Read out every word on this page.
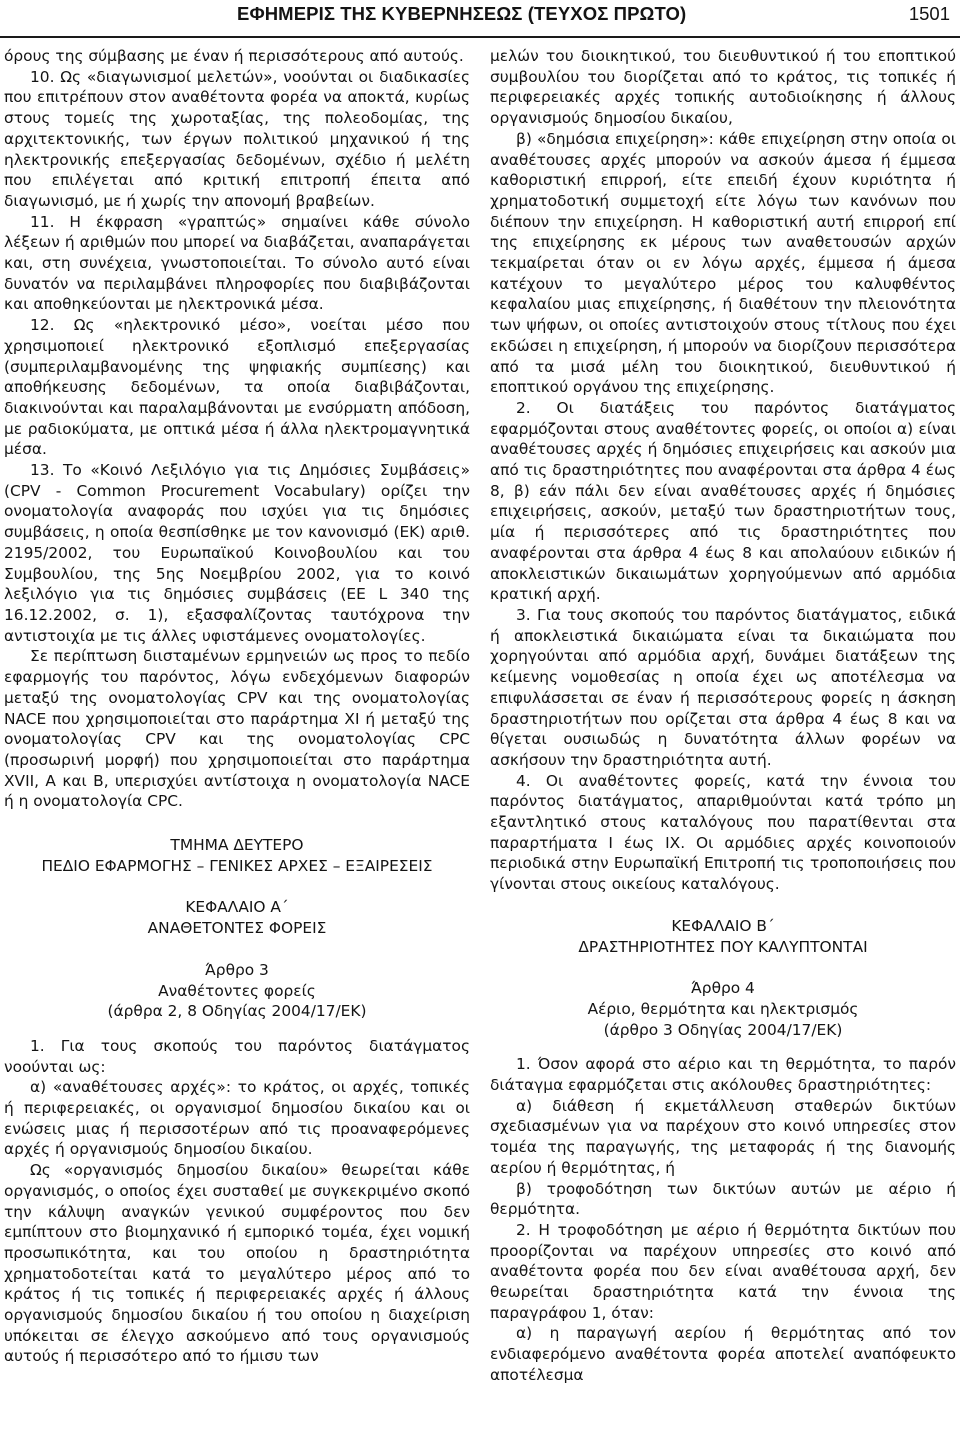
ΕΦΗΜΕΡΙΣ ΤΗΣ ΚΥΒΕΡΝΗΣΕΩΣ (ΤΕΥΧΟΣ ΠΡΩΤΟ)	1501

όρους της σύμβασης με έναν ή περισσότερους από αυτούς.

10. Ως «διαγωνισμοί μελετών», νοούνται οι διαδικασίες που επιτρέπουν στον αναθέτοντα φορέα να αποκτά, κυρίως στους τομείς της χωροταξίας, της πολεοδομίας, της αρχιτεκτονικής, των έργων πολιτικού μηχανικού ή της ηλεκτρονικής επεξεργασίας δεδομένων, σχέδιο ή μελέτη που επιλέγεται από κριτική επιτροπή έπειτα από διαγωνισμό, με ή χωρίς την απονομή βραβείων.

11. Η έκφραση «γραπτώς» σημαίνει κάθε σύνολο λέξεων ή αριθμών που μπορεί να διαβάζεται, αναπαράγεται και, στη συνέχεια, γνωστοποιείται. Το σύνολο αυτό είναι δυνατόν να περιλαμβάνει πληροφορίες που διαβιβάζονται και αποθηκεύονται με ηλεκτρονικά μέσα.

12. Ως «ηλεκτρονικό μέσο», νοείται μέσο που χρησιμοποιεί ηλεκτρονικό εξοπλισμό επεξεργασίας (συμπεριλαμβανομένης της ψηφιακής συμπίεσης) και αποθήκευσης δεδομένων, τα οποία διαβιβάζονται, διακινούνται και παραλαμβάνονται με ενσύρματη απόδοση, με ραδιοκύματα, με οπτικά μέσα ή άλλα ηλεκτρομαγνητικά μέσα.

13. Το «Κοινό Λεξιλόγιο για τις Δημόσιες Συμβάσεις» (CPV - Common Procurement Vocabulary) ορίζει την ονοματολογία αναφοράς που ισχύει για τις δημόσιες συμβάσεις, η οποία θεσπίσθηκε με τον κανονισμό (ΕΚ) αριθ. 2195/2002, του Ευρωπαϊκού Κοινοβουλίου και του Συμβουλίου, της 5ης Νοεμβρίου 2002, για το κοινό λεξιλόγιο για τις δημόσιες συμβάσεις (ΕΕ L 340 της 16.12.2002, σ. 1), εξασφαλίζοντας ταυτόχρονα την αντιστοιχία με τις άλλες υφιστάμενες ονοματολογίες.

Σε περίπτωση διισταμένων ερμηνειών ως προς το πεδίο εφαρμογής του παρόντος, λόγω ενδεχόμενων διαφορών μεταξύ της ονοματολογίας CPV και της ονοματολογίας NACE που χρησιμοποιείται στο παράρτημα XI ή μεταξύ της ονοματολογίας CPV και της ονοματολογίας CPC (προσωρινή μορφή) που χρησιμοποιείται στο παράρτημα XVII, Α και Β, υπερισχύει αντίστοιχα η ονοματολογία NACE ή η ονοματολογία CPC.

ΤΜΗΜΑ ΔΕΥΤΕΡΟ

ΠΕΔΙΟ ΕΦΑΡΜΟΓΗΣ – ΓΕΝΙΚΕΣ ΑΡΧΕΣ – ΕΞΑΙΡΕΣΕΙΣ

ΚΕΦΑΛΑΙΟ Α΄

ΑΝΑΘΕΤΟΝΤΕΣ ΦΟΡΕΙΣ

Άρθρο 3

Αναθέτοντες φορείς

(άρθρα 2, 8 Οδηγίας 2004/17/ΕΚ)

1. Για τους σκοπούς του παρόντος διατάγματος νοούνται ως:

α) «αναθέτουσες αρχές»: το κράτος, οι αρχές, τοπικές ή περιφερειακές, οι οργανισμοί δημοσίου δικαίου και οι ενώσεις μιας ή περισσοτέρων από τις προαναφερόμενες αρχές ή οργανισμούς δημοσίου δικαίου.

Ως «οργανισμός δημοσίου δικαίου» θεωρείται κάθε οργανισμός, ο οποίος έχει συσταθεί με συγκεκριμένο σκοπό την κάλυψη αναγκών γενικού συμφέροντος που δεν εμπίπτουν στο βιομηχανικό ή εμπορικό τομέα, έχει νομική προσωπικότητα, και του οποίου η δραστηριότητα χρηματοδοτείται κατά το μεγαλύτερο μέρος από το κράτος ή τις τοπικές ή περιφερειακές αρχές ή άλλους οργανισμούς δημοσίου δικαίου ή του οποίου η διαχείριση υπόκειται σε έλεγχο ασκούμενο από τους οργανισμούς αυτούς ή περισσότερο από το ήμισυ των

μελών του διοικητικού, του διευθυντικού ή του εποπτικού συμβουλίου του διορίζεται από το κράτος, τις τοπικές ή περιφερειακές αρχές τοπικής αυτοδιοίκησης ή άλλους οργανισμούς δημοσίου δικαίου,

β) «δημόσια επιχείρηση»: κάθε επιχείρηση στην οποία οι αναθέτουσες αρχές μπορούν να ασκούν άμεσα ή έμμεσα καθοριστική επιρροή, είτε επειδή έχουν κυριότητα ή χρηματοδοτική συμμετοχή είτε λόγω των κανόνων που διέπουν την επιχείρηση. Η καθοριστική αυτή επιρροή επί της επιχείρησης εκ μέρους των αναθετουσών αρχών τεκμαίρεται όταν οι εν λόγω αρχές, έμμεσα ή άμεσα κατέχουν το μεγαλύτερο μέρος του καλυφθέντος κεφαλαίου μιας επιχείρησης, ή διαθέτουν την πλειονότητα των ψήφων, οι οποίες αντιστοιχούν στους τίτλους που έχει εκδώσει η επιχείρηση, ή μπορούν να διορίζουν περισσότερα από τα μισά μέλη του διοικητικού, διευθυντικού ή εποπτικού οργάνου της επιχείρησης.

2. Οι διατάξεις του παρόντος διατάγματος εφαρμόζονται στους αναθέτοντες φορείς, οι οποίοι α) είναι αναθέτουσες αρχές ή δημόσιες επιχειρήσεις και ασκούν μια από τις δραστηριότητες που αναφέρονται στα άρθρα 4 έως 8, β) εάν πάλι δεν είναι αναθέτουσες αρχές ή δημόσιες επιχειρήσεις, ασκούν, μεταξύ των δραστηριοτήτων τους, μία ή περισσότερες από τις δραστηριότητες που αναφέρονται στα άρθρα 4 έως 8 και απολαύουν ειδικών ή αποκλειστικών δικαιωμάτων χορηγούμενων από αρμόδια κρατική αρχή.

3. Για τους σκοπούς του παρόντος διατάγματος, ειδικά ή αποκλειστικά δικαιώματα είναι τα δικαιώματα που χορηγούνται από αρμόδια αρχή, δυνάμει διατάξεων της κείμενης νομοθεσίας η οποία έχει ως αποτέλεσμα να επιφυλάσσεται σε έναν ή περισσότερους φορείς η άσκηση δραστηριοτήτων που ορίζεται στα άρθρα 4 έως 8 και να θίγεται ουσιωδώς η δυνατότητα άλλων φορέων να ασκήσουν την δραστηριότητα αυτή.

4. Οι αναθέτοντες φορείς, κατά την έννοια του παρόντος διατάγματος, απαριθμούνται κατά τρόπο μη εξαντλητικό στους καταλόγους που παρατίθενται στα παραρτήματα Ι έως ΙΧ. Οι αρμόδιες αρχές κοινοποιούν περιοδικά στην Ευρωπαϊκή Επιτροπή τις τροποποιήσεις που γίνονται στους οικείους καταλόγους.

ΚΕΦΑΛΑΙΟ Β΄

ΔΡΑΣΤΗΡΙΟΤΗΤΕΣ ΠΟΥ ΚΑΛΥΠΤΟΝΤΑΙ

Άρθρο 4

Αέριο, θερμότητα και ηλεκτρισμός

(άρθρο 3 Οδηγίας 2004/17/ΕΚ)

1. Όσον αφορά στο αέριο και τη θερμότητα, το παρόν διάταγμα εφαρμόζεται στις ακόλουθες δραστηριότητες:

α) διάθεση ή εκμετάλλευση σταθερών δικτύων σχεδιασμένων για να παρέχουν στο κοινό υπηρεσίες στον τομέα της παραγωγής, της μεταφοράς ή της διανομής αερίου ή θερμότητας, ή

β) τροφοδότηση των δικτύων αυτών με αέριο ή θερμότητα.

2. Η τροφοδότηση με αέριο ή θερμότητα δικτύων που προορίζονται να παρέχουν υπηρεσίες στο κοινό από αναθέτοντα φορέα που δεν είναι αναθέτουσα αρχή, δεν θεωρείται δραστηριότητα κατά την έννοια της παραγράφου 1, όταν:

α) η παραγωγή αερίου ή θερμότητας από τον ενδιαφερόμενο αναθέτοντα φορέα αποτελεί αναπόφευκτο αποτέλεσμα
